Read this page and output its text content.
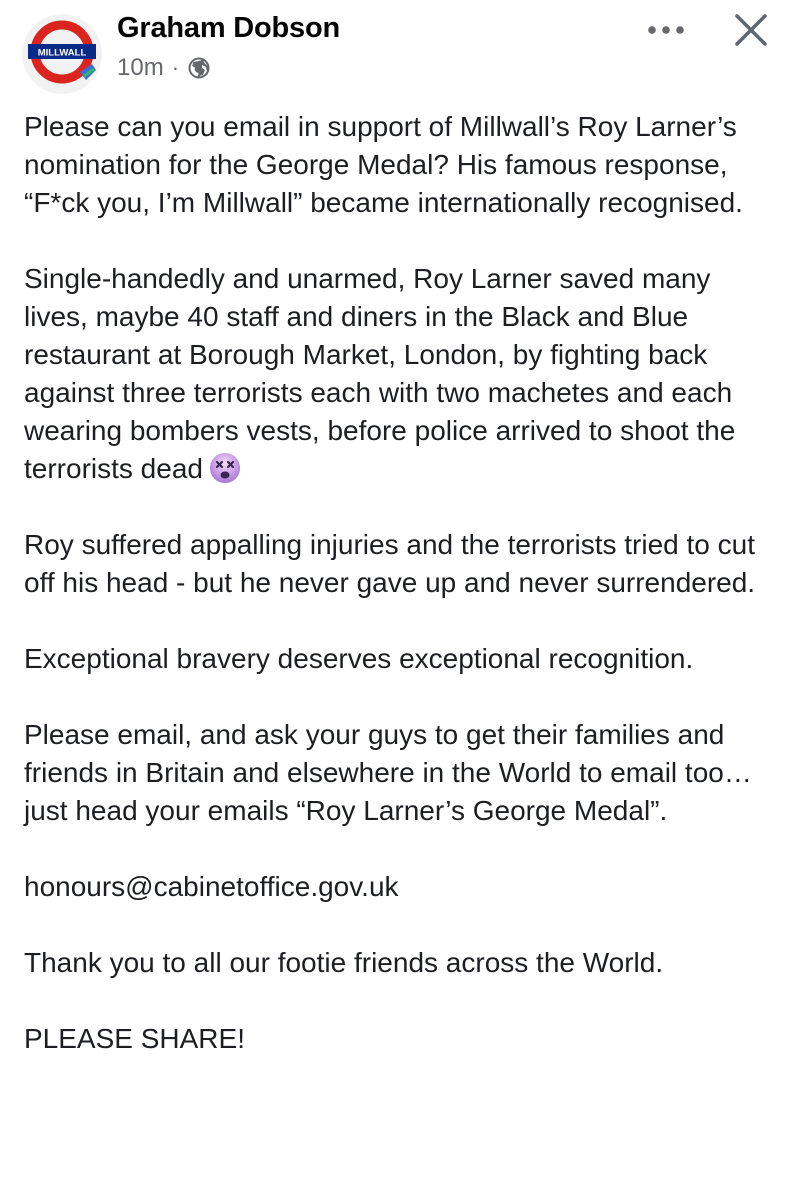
MILLWALL
Graham Dobson
10m ·

Please can you email in support of Millwall’s Roy Larner’s nomination for the George Medal? His famous response, “F*ck you, I’m Millwall” became internationally recognised.

Single-handedly and unarmed, Roy Larner saved many lives, maybe 40 staff and diners in the Black and Blue restaurant at Borough Market, London, by fighting back against three terrorists each with two machetes and each wearing bombers vests, before police arrived to shoot the terrorists dead

Roy suffered appalling injuries and the terrorists tried to cut off his head - but he never gave up and never surrendered.

Exceptional bravery deserves exceptional recognition.

Please email, and ask your guys to get their families and friends in Britain and elsewhere in the World to email too… just head your emails “Roy Larner’s George Medal”.

honours@cabinetoffice.gov.uk

Thank you to all our footie friends across the World.

PLEASE SHARE!
